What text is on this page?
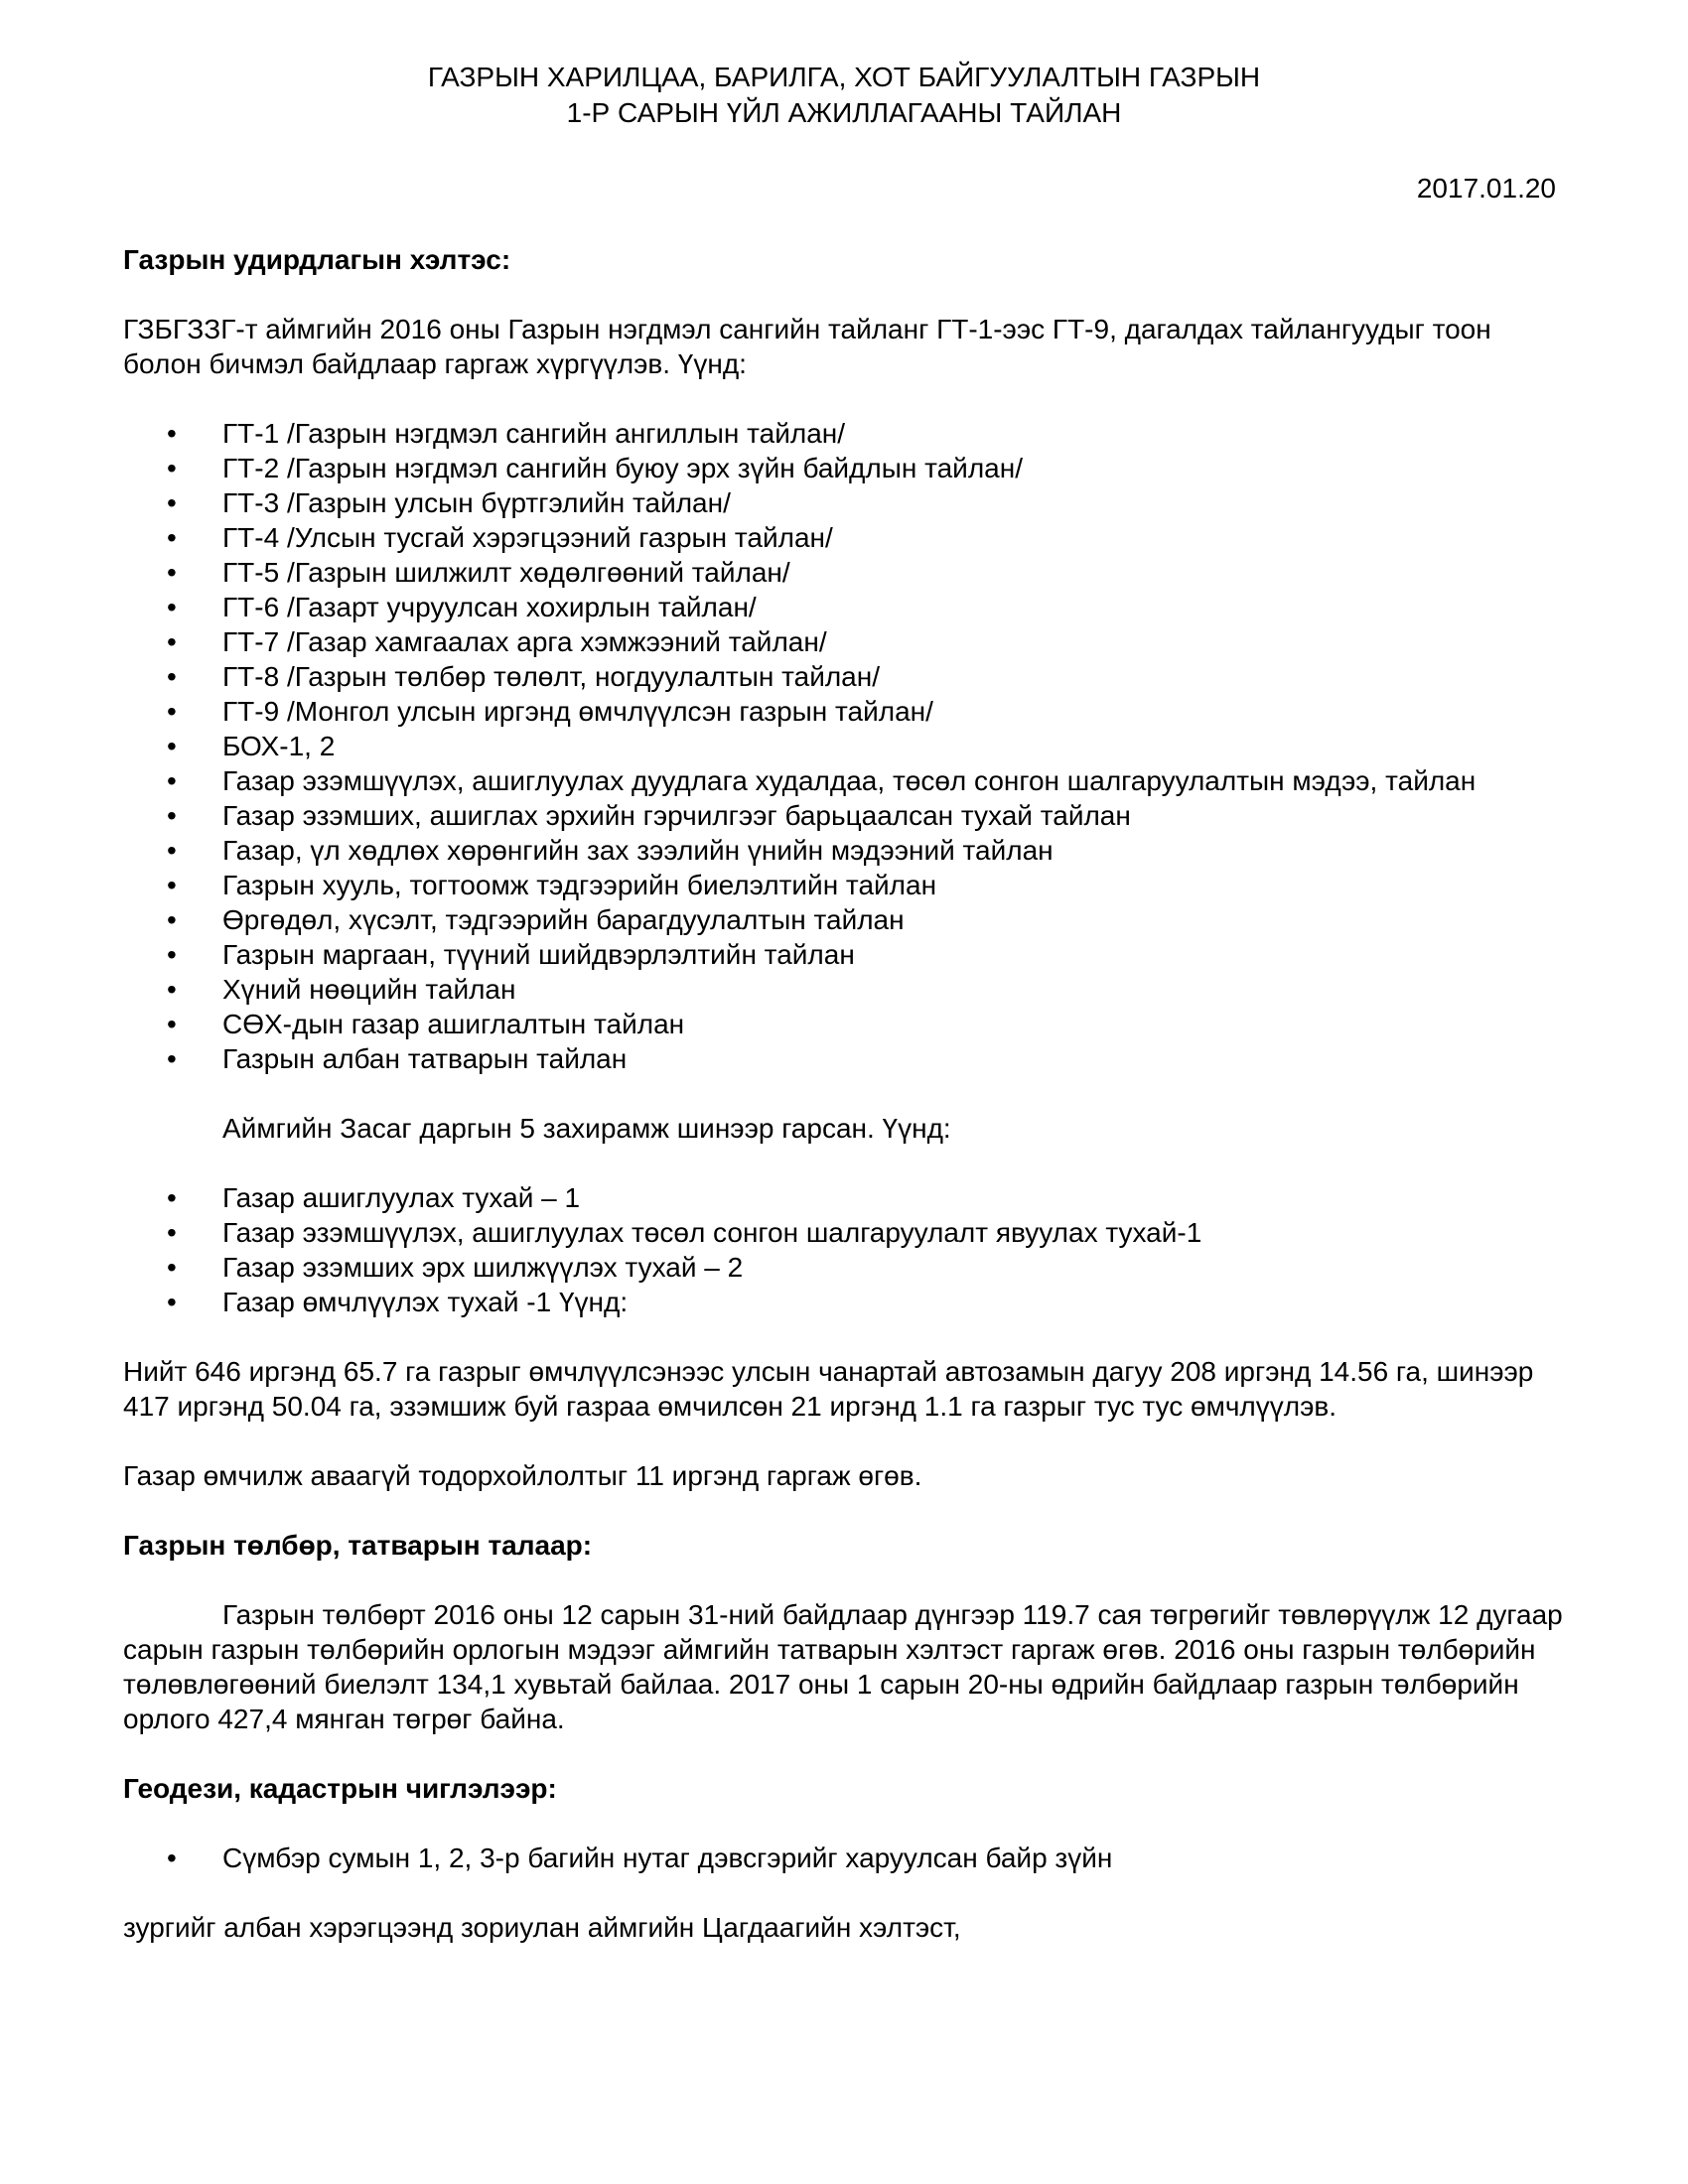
ГАЗРЫН ХАРИЛЦАА, БАРИЛГА, ХОТ БАЙГУУЛАЛТЫН ГАЗРЫН
1-Р САРЫН ҮЙЛ АЖИЛЛАГААНЫ ТАЙЛАН
2017.01.20

Газрын удирдлагын хэлтэс:

ГЗБГЗЗГ-т аймгийн 2016 оны Газрын нэгдмэл сангийн тайланг ГТ-1-ээс ГТ-9, дагалдах тайлангуудыг тоон болон бичмэл байдлаар гаргаж хүргүүлэв. Үүнд:

• ГТ-1 /Газрын нэгдмэл сангийн ангиллын тайлан/
• ГТ-2 /Газрын нэгдмэл сангийн буюу эрх зүйн байдлын тайлан/
• ГТ-3 /Газрын улсын бүртгэлийн тайлан/
• ГТ-4 /Улсын тусгай хэрэгцээний газрын тайлан/
• ГТ-5 /Газрын шилжилт хөдөлгөөний тайлан/
• ГТ-6 /Газарт учруулсан хохирлын тайлан/
• ГТ-7 /Газар хамгаалах арга хэмжээний тайлан/
• ГТ-8 /Газрын төлбөр төлөлт, ногдуулалтын тайлан/
• ГТ-9 /Монгол улсын иргэнд өмчлүүлсэн газрын тайлан/
• БОХ-1, 2
• Газар эзэмшүүлэх, ашиглуулах дуудлага худалдаа, төсөл сонгон шалгаруулалтын мэдээ, тайлан
• Газар эзэмших, ашиглах эрхийн гэрчилгээг барьцаалсан тухай тайлан
• Газар, үл хөдлөх хөрөнгийн зах зээлийн үнийн мэдээний тайлан
• Газрын хууль, тогтоомж тэдгээрийн биелэлтийн тайлан
• Өргөдөл, хүсэлт, тэдгээрийн барагдуулалтын тайлан
• Газрын маргаан, түүний шийдвэрлэлтийн тайлан
• Хүний нөөцийн тайлан
• СӨХ-дын газар ашиглалтын тайлан
• Газрын албан татварын тайлан

Аймгийн Засаг даргын 5 захирамж шинээр гарсан. Үүнд:

• Газар ашиглуулах тухай – 1
• Газар эзэмшүүлэх, ашиглуулах төсөл сонгон шалгаруулалт явуулах тухай-1
• Газар эзэмших эрх шилжүүлэх тухай – 2
• Газар өмчлүүлэх тухай -1 Үүнд:

Нийт 646 иргэнд 65.7 га газрыг өмчлүүлсэнээс улсын чанартай автозамын дагуу 208 иргэнд 14.56 га, шинээр 417 иргэнд 50.04 га, эзэмшиж буй газраа өмчилсөн 21 иргэнд 1.1 га газрыг тус тус өмчлүүлэв.

Газар өмчилж аваагүй тодорхойлолтыг 11 иргэнд гаргаж өгөв.

Газрын төлбөр, татварын талаар:

Газрын төлбөрт 2016 оны 12 сарын 31-ний байдлаар дүнгээр 119.7 сая төгрөгийг төвлөрүүлж 12 дугаар сарын газрын төлбөрийн орлогын мэдээг аймгийн татварын хэлтэст гаргаж өгөв. 2016 оны газрын төлбөрийн төлөвлөгөөний биелэлт 134,1 хувьтай байлаа. 2017 оны 1 сарын 20-ны өдрийн байдлаар газрын төлбөрийн орлого 427,4 мянган төгрөг байна.

Геодези, кадастрын чиглэлээр:

• Сүмбэр сумын 1, 2, 3-р багийн нутаг дэвсгэрийг харуулсан байр зүйн

зургийг албан хэрэгцээнд зориулан аймгийн Цагдаагийн хэлтэст,
